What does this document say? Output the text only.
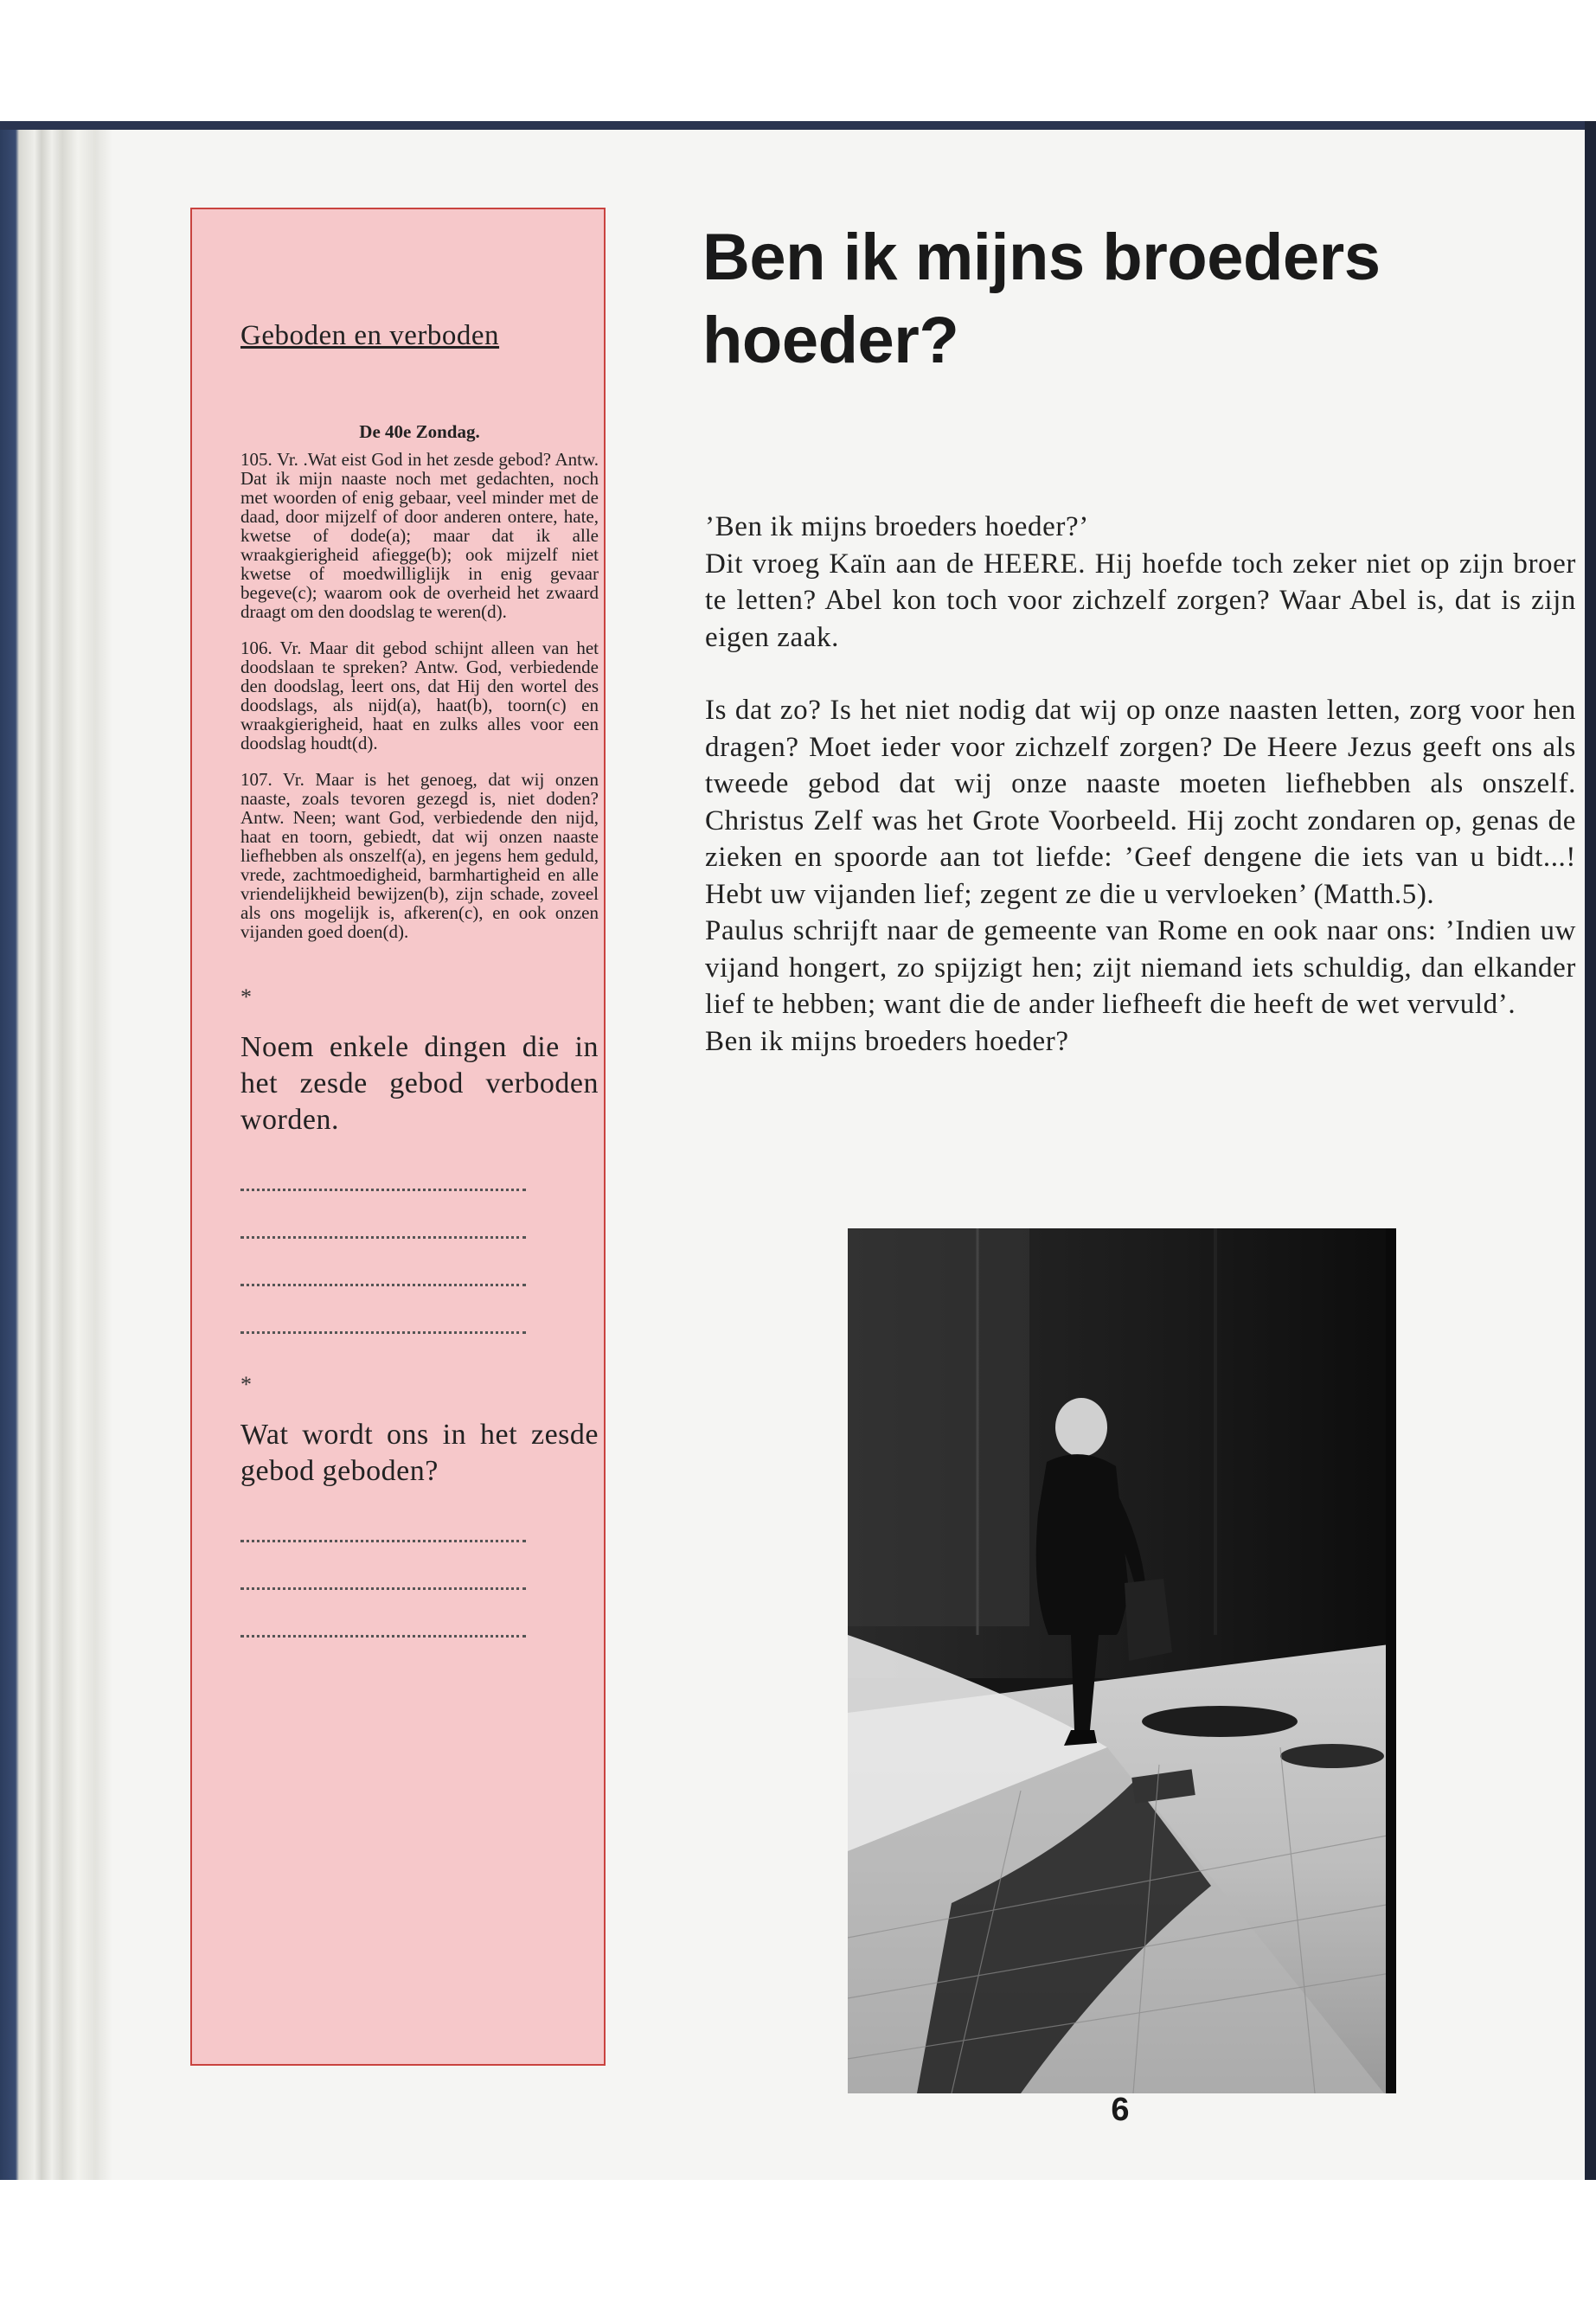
Geboden en verboden
De 40e Zondag.
105. Vr. .Wat eist God in het zesde gebod? Antw. Dat ik mijn naaste noch met gedachten, noch met woorden of enig gebaar, veel minder met de daad, door mijzelf of door anderen ontere, hate, kwetse of dode(a); maar dat ik alle wraakgierigheid afiegge(b); ook mijzelf niet kwetse of moedwilliglijk in enig gevaar begeve(c); waarom ook de overheid het zwaard draagt om den doodslag te weren(d).
106. Vr. Maar dit gebod schijnt alleen van het doodslaan te spreken? Antw. God, verbiedende den doodslag, leert ons, dat Hij den wortel des doodslags, als nijd(a), haat(b), toorn(c) en wraakgierigheid, haat en zulks alles voor een doodslag houdt(d).
107. Vr. Maar is het genoeg, dat wij onzen naaste, zoals tevoren gezegd is, niet doden? Antw. Neen; want God, verbiedende den nijd, haat en toorn, gebiedt, dat wij onzen naaste liefhebben als onszelf(a), en jegens hem geduld, vrede, zachtmoedigheid, barmhartigheid en alle vriendelijkheid bewijzen(b), zijn schade, zoveel als ons mogelijk is, afkeren(c), en ook onzen vijanden goed doen(d).
*
Noem enkele dingen die in het zesde gebod verboden worden.
*
Wat wordt ons in het zesde gebod geboden?
Ben ik mijns broeders
hoeder?

’Ben ik mijns broeders hoeder?’

Dit vroeg Kaïn aan de HEERE. Hij hoefde toch zeker niet op zijn broer te letten? Abel kon toch voor zichzelf zorgen? Waar Abel is, dat is zijn eigen zaak.

Is dat zo? Is het niet nodig dat wij op onze naasten letten, zorg voor hen dragen? Moet ieder voor zichzelf zorgen? De Heere Jezus geeft ons als tweede gebod dat wij onze naaste moeten liefhebben als onszelf. Christus Zelf was het Grote Voorbeeld. Hij zocht zondaren op, genas de zieken en spoorde aan tot liefde: ’Geef dengene die iets van u bidt...! Hebt uw vijanden lief; zegent ze die u vervloeken’ (Matth.5).

Paulus schrijft naar de gemeente van Rome en ook naar ons: ’Indien uw vijand hongert, zo spijzigt hen; zijt niemand iets schuldig, dan elkander lief te hebben; want die de ander liefheeft die heeft de wet vervuld’.

Ben ik mijns broeders hoeder?

6
